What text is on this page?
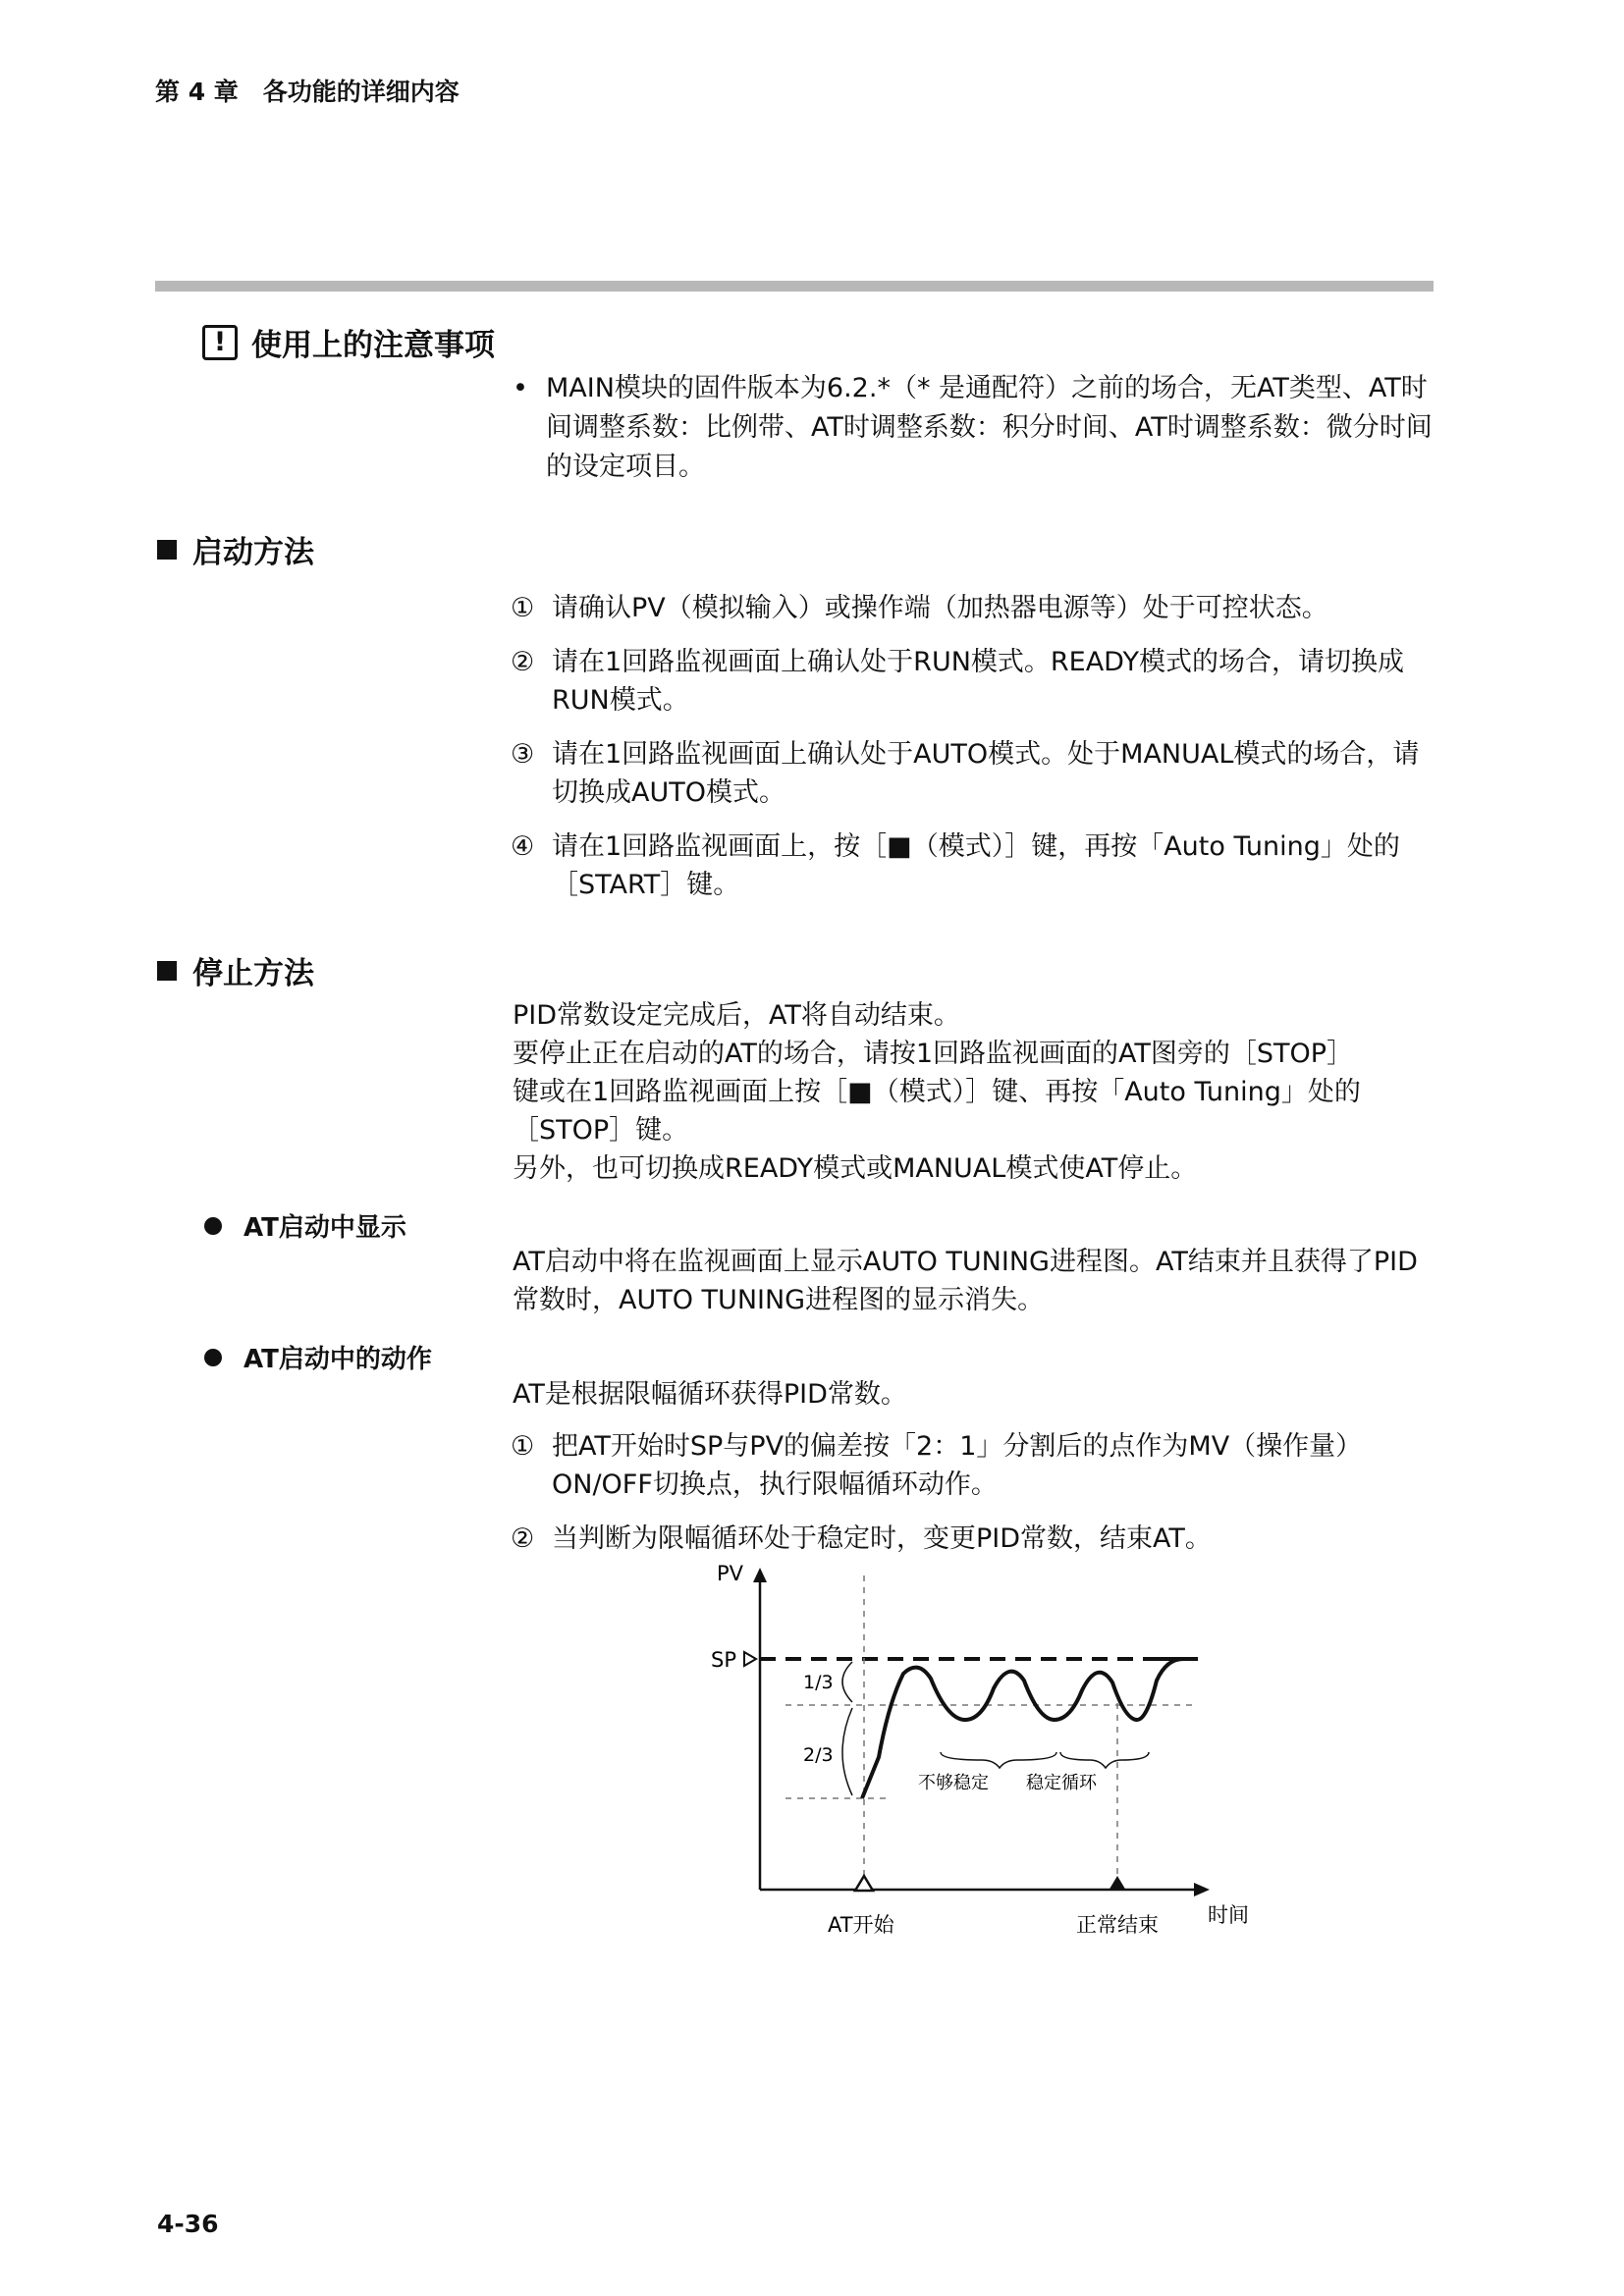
第 4 章　各功能的详细内容
! 使用上的注意事项
• MAIN模块的固件版本为6.2.*（* 是通配符）之前的场合，无AT类型、AT时间调整系数：比例带、AT时调整系数：积分时间、AT时调整系数：微分时间的设定项目。
启动方法
① 请确认PV（模拟输入）或操作端（加热器电源等）处于可控状态。
② 请在1回路监视画面上确认处于RUN模式。READY模式的场合，请切换成RUN模式。
③ 请在1回路监视画面上确认处于AUTO模式。处于MANUAL模式的场合，请切换成AUTO模式。
④ 请在1回路监视画面上，按［■（模式）］键，再按「Auto Tuning」处的［START］键。
停止方法
PID常数设定完成后，AT将自动结束。
要停止正在启动的AT的场合，请按1回路监视画面的AT图旁的［STOP］
键或在1回路监视画面上按［■（模式）］键、再按「Auto Tuning」处的
［STOP］键。
另外，也可切换成READY模式或MANUAL模式使AT停止。
AT启动中显示
AT启动中将在监视画面上显示AUTO TUNING进程图。AT结束并且获得了PID常数时，AUTO TUNING进程图的显示消失。
AT启动中的动作
AT是根据限幅循环获得PID常数。
① 把AT开始时SP与PV的偏差按「2：1」分割后的点作为MV（操作量）ON/OFF切换点，执行限幅循环动作。
② 当判断为限幅循环处于稳定时，变更PID常数，结束AT。
PV
SP
1/3
2/3
不够稳定 稳定循环
AT开始	正常结束 时间
4-36
